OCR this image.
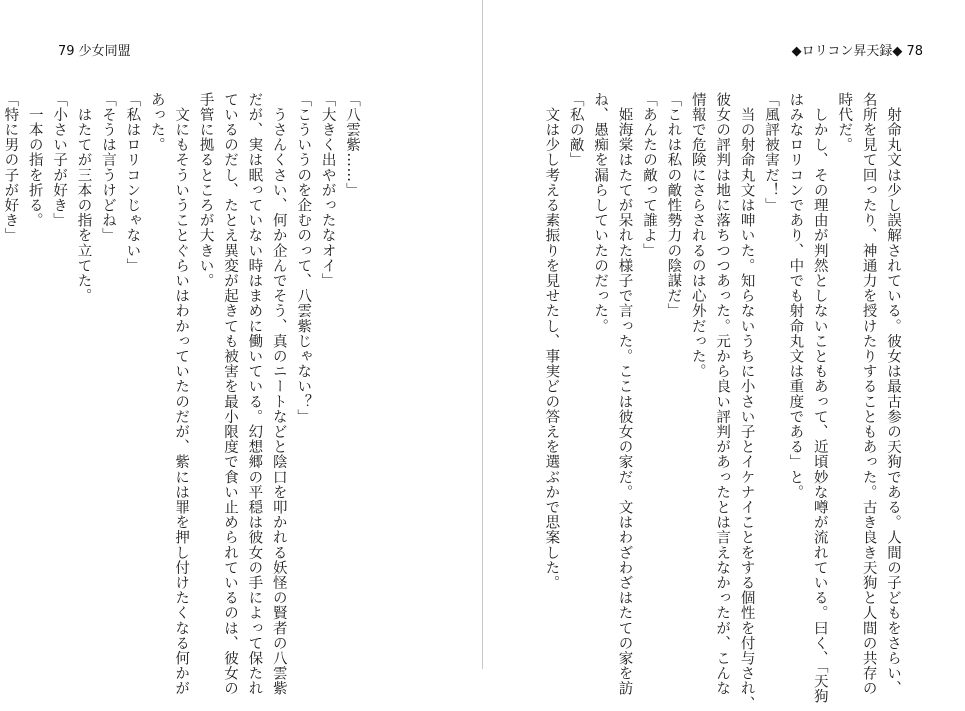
79 少女同盟
「八雲紫……」
「大きく出やがったなオイ」
「こういうのを企むのって、八雲紫じゃない？」
　うさんくさい、何か企んでそう、真のニートなどと陰口を叩かれる妖怪の賢者の八雲紫
だが、実は眠っていない時はまめに働いている。幻想郷の平穏は彼女の手によって保たれ
ているのだし、たとえ異変が起きても被害を最小限度で食い止められているのは、彼女の
手管に拠るところが大きい。
　文にもそういうことぐらいはわかっていたのだが、紫には罪を押し付けたくなる何かが
あった。
「私はロリコンじゃない」
「そうは言うけどね」
　はたてが三本の指を立てた。
「小さい子が好き」
　一本の指を折る。
「特に男の子が好き」
◆ロリコン昇天録◆ 78
　射命丸文は少し誤解されている。彼女は最古参の天狗である。人間の子どもをさらい、
名所を見て回ったり、神通力を授けたりすることもあった。古き良き天狗と人間の共存の
時代だ。
　しかし、その理由が判然としないこともあって、近頃妙な噂が流れている。曰く、「天狗
はみなロリコンであり、中でも射命丸文は重度である」と。
「風評被害だ！」
　当の射命丸文は呻いた。知らないうちに小さい子とイケナイことをする個性を付与され、
彼女の評判は地に落ちつつあった。元から良い評判があったとは言えなかったが、こんな
情報で危険にさらされるのは心外だった。
「これは私の敵性勢力の陰謀だ」
「あんたの敵って誰よ」
　姫海棠はたてが呆れた様子で言った。ここは彼女の家だ。文はわざわざはたての家を訪
ね、愚痴を漏らしていたのだった。
「私の敵」
　文は少し考える素振りを見せたし、事実どの答えを選ぶかで思案した。
